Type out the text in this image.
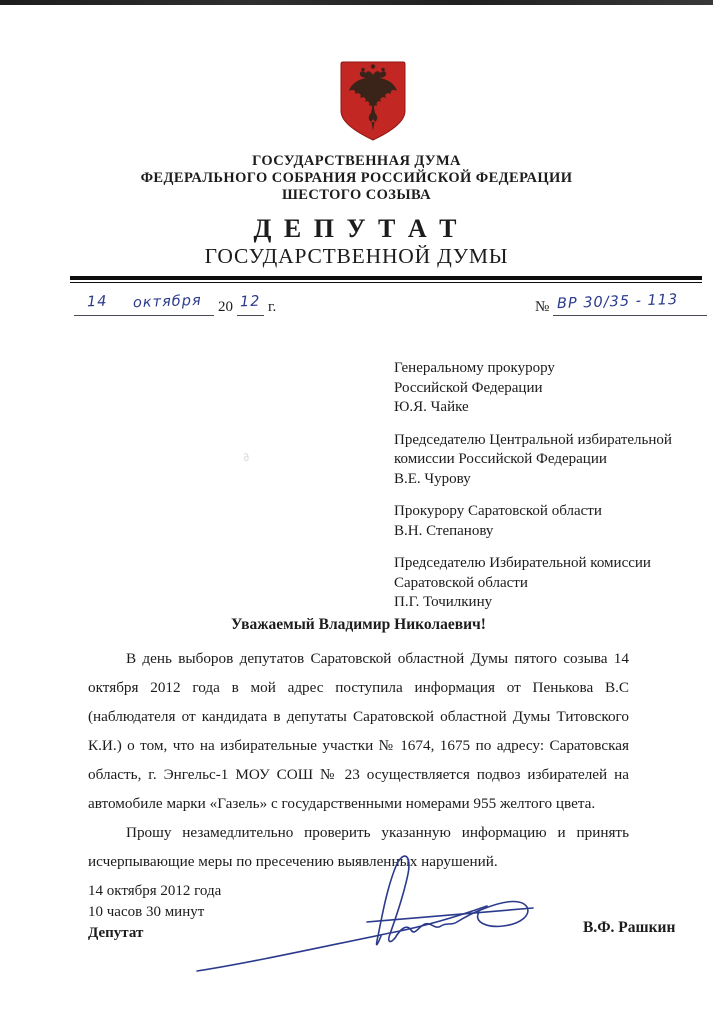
ГОСУДАРСТВЕННАЯ ДУМА
ФЕДЕРАЛЬНОГО СОБРАНИЯ РОССИЙСКОЙ ФЕДЕРАЦИИ
ШЕСТОГО СОЗЫВА
Д Е П У Т А Т
ГОСУДАРСТВЕННОЙ ДУМЫ
14	октября	20 12 г.	№ ВР 30/35 - 113
∂
Генеральному прокурору
Российской Федерации
Ю.Я. Чайке
Председателю Центральной избирательной
комиссии Российской Федерации
В.Е. Чурову
Прокурору Саратовской области
В.Н. Степанову
Председателю Избирательной комиссии
Саратовской области
П.Г. Точилкину
Уважаемый Владимир Николаевич!

В день выборов депутатов Саратовской областной Думы пятого созыва 14 октября 2012 года в мой адрес поступила информация от Пенькова В.С (наблюдателя от кандидата в депутаты Саратовской областной Думы Титовского К.И.) о том, что на избирательные участки № 1674, 1675 по адресу: Саратовская область, г. Энгельс-1 МОУ СОШ № 23 осуществляется подвоз избирателей на автомобиле марки «Газель» с государственными номерами 955 желтого цвета.

Прошу незамедлительно проверить указанную информацию и принять исчерпывающие меры по пресечению выявленных нарушений.

14 октября 2012 года
10 часов 30 минут
Депутат	В.Ф. Рашкин
